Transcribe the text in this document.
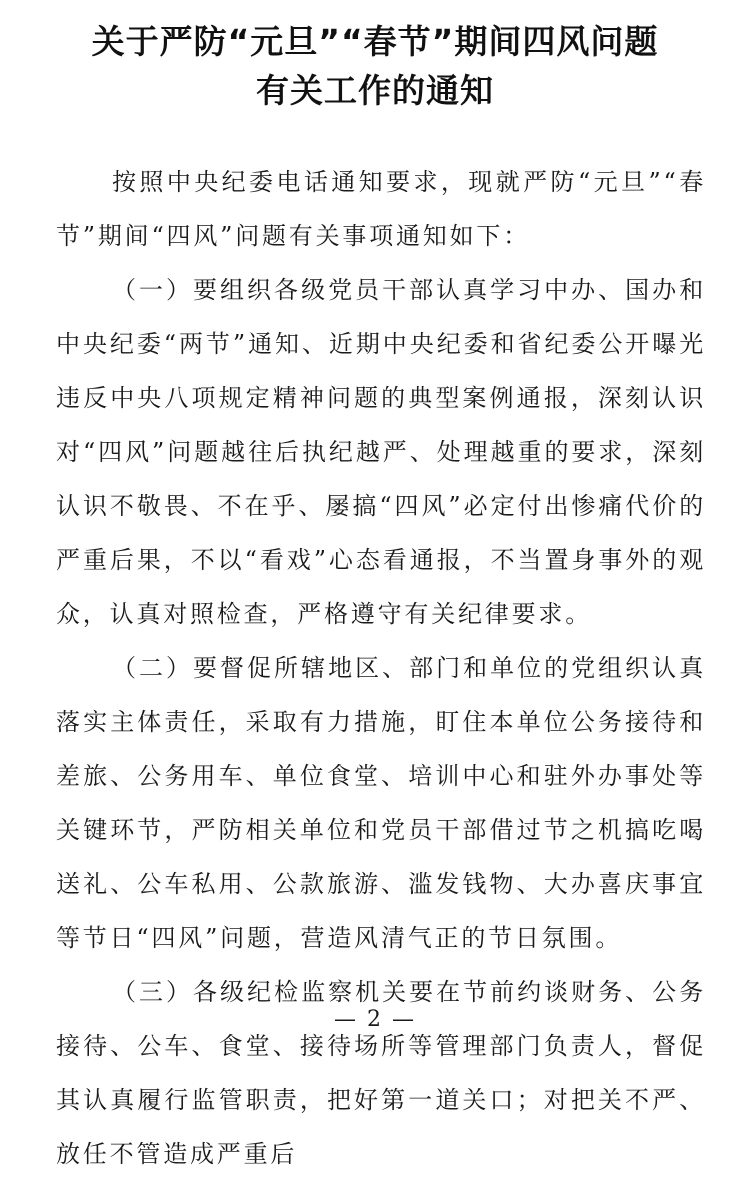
关于严防“元旦”“春节”期间四风问题
有关工作的通知

按照中央纪委电话通知要求，现就严防“元旦”“春节”期间“四风”问题有关事项通知如下：

（一）要组织各级党员干部认真学习中办、国办和中央纪委“两节”通知、近期中央纪委和省纪委公开曝光违反中央八项规定精神问题的典型案例通报，深刻认识对“四风”问题越往后执纪越严、处理越重的要求，深刻认识不敬畏、不在乎、屡搞“四风”必定付出惨痛代价的严重后果，不以“看戏”心态看通报，不当置身事外的观众，认真对照检查，严格遵守有关纪律要求。

（二）要督促所辖地区、部门和单位的党组织认真落实主体责任，采取有力措施，盯住本单位公务接待和差旅、公务用车、单位食堂、培训中心和驻外办事处等关键环节，严防相关单位和党员干部借过节之机搞吃喝送礼、公车私用、公款旅游、滥发钱物、大办喜庆事宜等节日“四风”问题，营造风清气正的节日氛围。

（三）各级纪检监察机关要在节前约谈财务、公务接待、公车、食堂、接待场所等管理部门负责人，督促其认真履行监管职责，把好第一道关口；对把关不严、放任不管造成严重后

— 2 —
